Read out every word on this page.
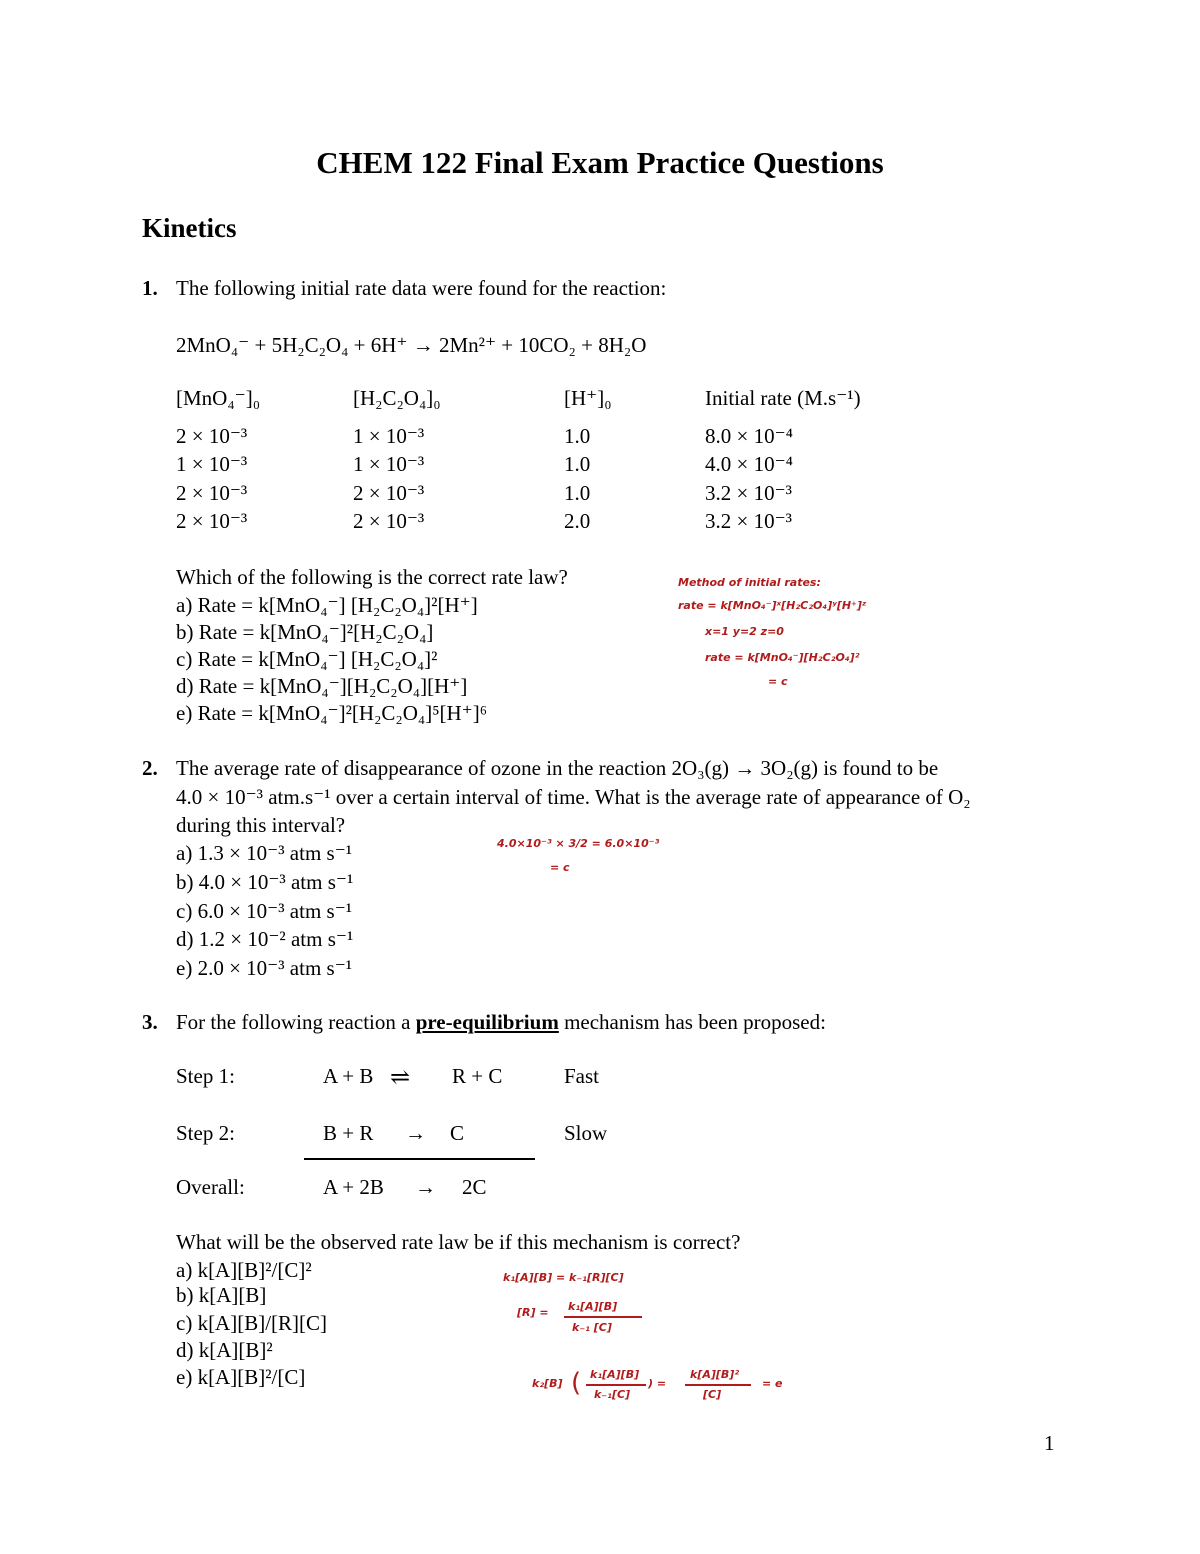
CHEM 122 Final Exam Practice Questions
Kinetics
1. The following initial rate data were found for the reaction:
2MnO₄⁻ + 5H₂C₂O₄ + 6H⁺ → 2Mn²⁺ + 10CO₂ + 8H₂O
[MnO₄⁻]₀	[H₂C₂O₄]₀	[H⁺]₀	Initial rate (M.s⁻¹)
2 × 10⁻³	1 × 10⁻³	1.0	8.0 × 10⁻⁴
1 × 10⁻³	1 × 10⁻³	1.0	4.0 × 10⁻⁴
2 × 10⁻³	2 × 10⁻³	1.0	3.2 × 10⁻³
2 × 10⁻³	2 × 10⁻³	2.0	3.2 × 10⁻³
Which of the following is the correct rate law?
a) Rate = k[MnO₄⁻] [H₂C₂O₄]²[H⁺]
b) Rate = k[MnO₄⁻]²[H₂C₂O₄]
c) Rate = k[MnO₄⁻] [H₂C₂O₄]²
d) Rate = k[MnO₄⁻][H₂C₂O₄][H⁺]
e) Rate = k[MnO₄⁻]²[H₂C₂O₄]⁵[H⁺]⁶
Method of initial rates:
rate = k[MnO₄⁻]ˣ[H₂C₂O₄]ʸ[H⁺]ᶻ
x=1 y=2 z=0
rate = k[MnO₄⁻][H₂C₂O₄]²
= c
2. The average rate of disappearance of ozone in the reaction 2O₃(g) → 3O₂(g) is found to be
4.0 × 10⁻³ atm.s⁻¹ over a certain interval of time. What is the average rate of appearance of O₂
during this interval?
a) 1.3 × 10⁻³ atm s⁻¹
b) 4.0 × 10⁻³ atm s⁻¹
c) 6.0 × 10⁻³ atm s⁻¹
d) 1.2 × 10⁻² atm s⁻¹
e) 2.0 × 10⁻³ atm s⁻¹
4.0×10⁻³ × 3/2 = 6.0×10⁻³
= c
3. For the following reaction a pre-equilibrium mechanism has been proposed:
Step 1:	A + B ⇌ R + C	Fast
Step 2:	B + R → C	Slow
Overall:	A + 2B → 2C
What will be the observed rate law be if this mechanism is correct?
a) k[A][B]²/[C]²
b) k[A][B]
c) k[A][B]/[R][C]
d) k[A][B]²
e) k[A][B]²/[C]
k₁[A][B] = k₋₁[R][C]
[R] = k₁[A][B]
k₋₁ [C]
k₂[B] ( k₁[A][B]
k₋₁[C]
) =
k[A][B]²
[C]
= e
1
